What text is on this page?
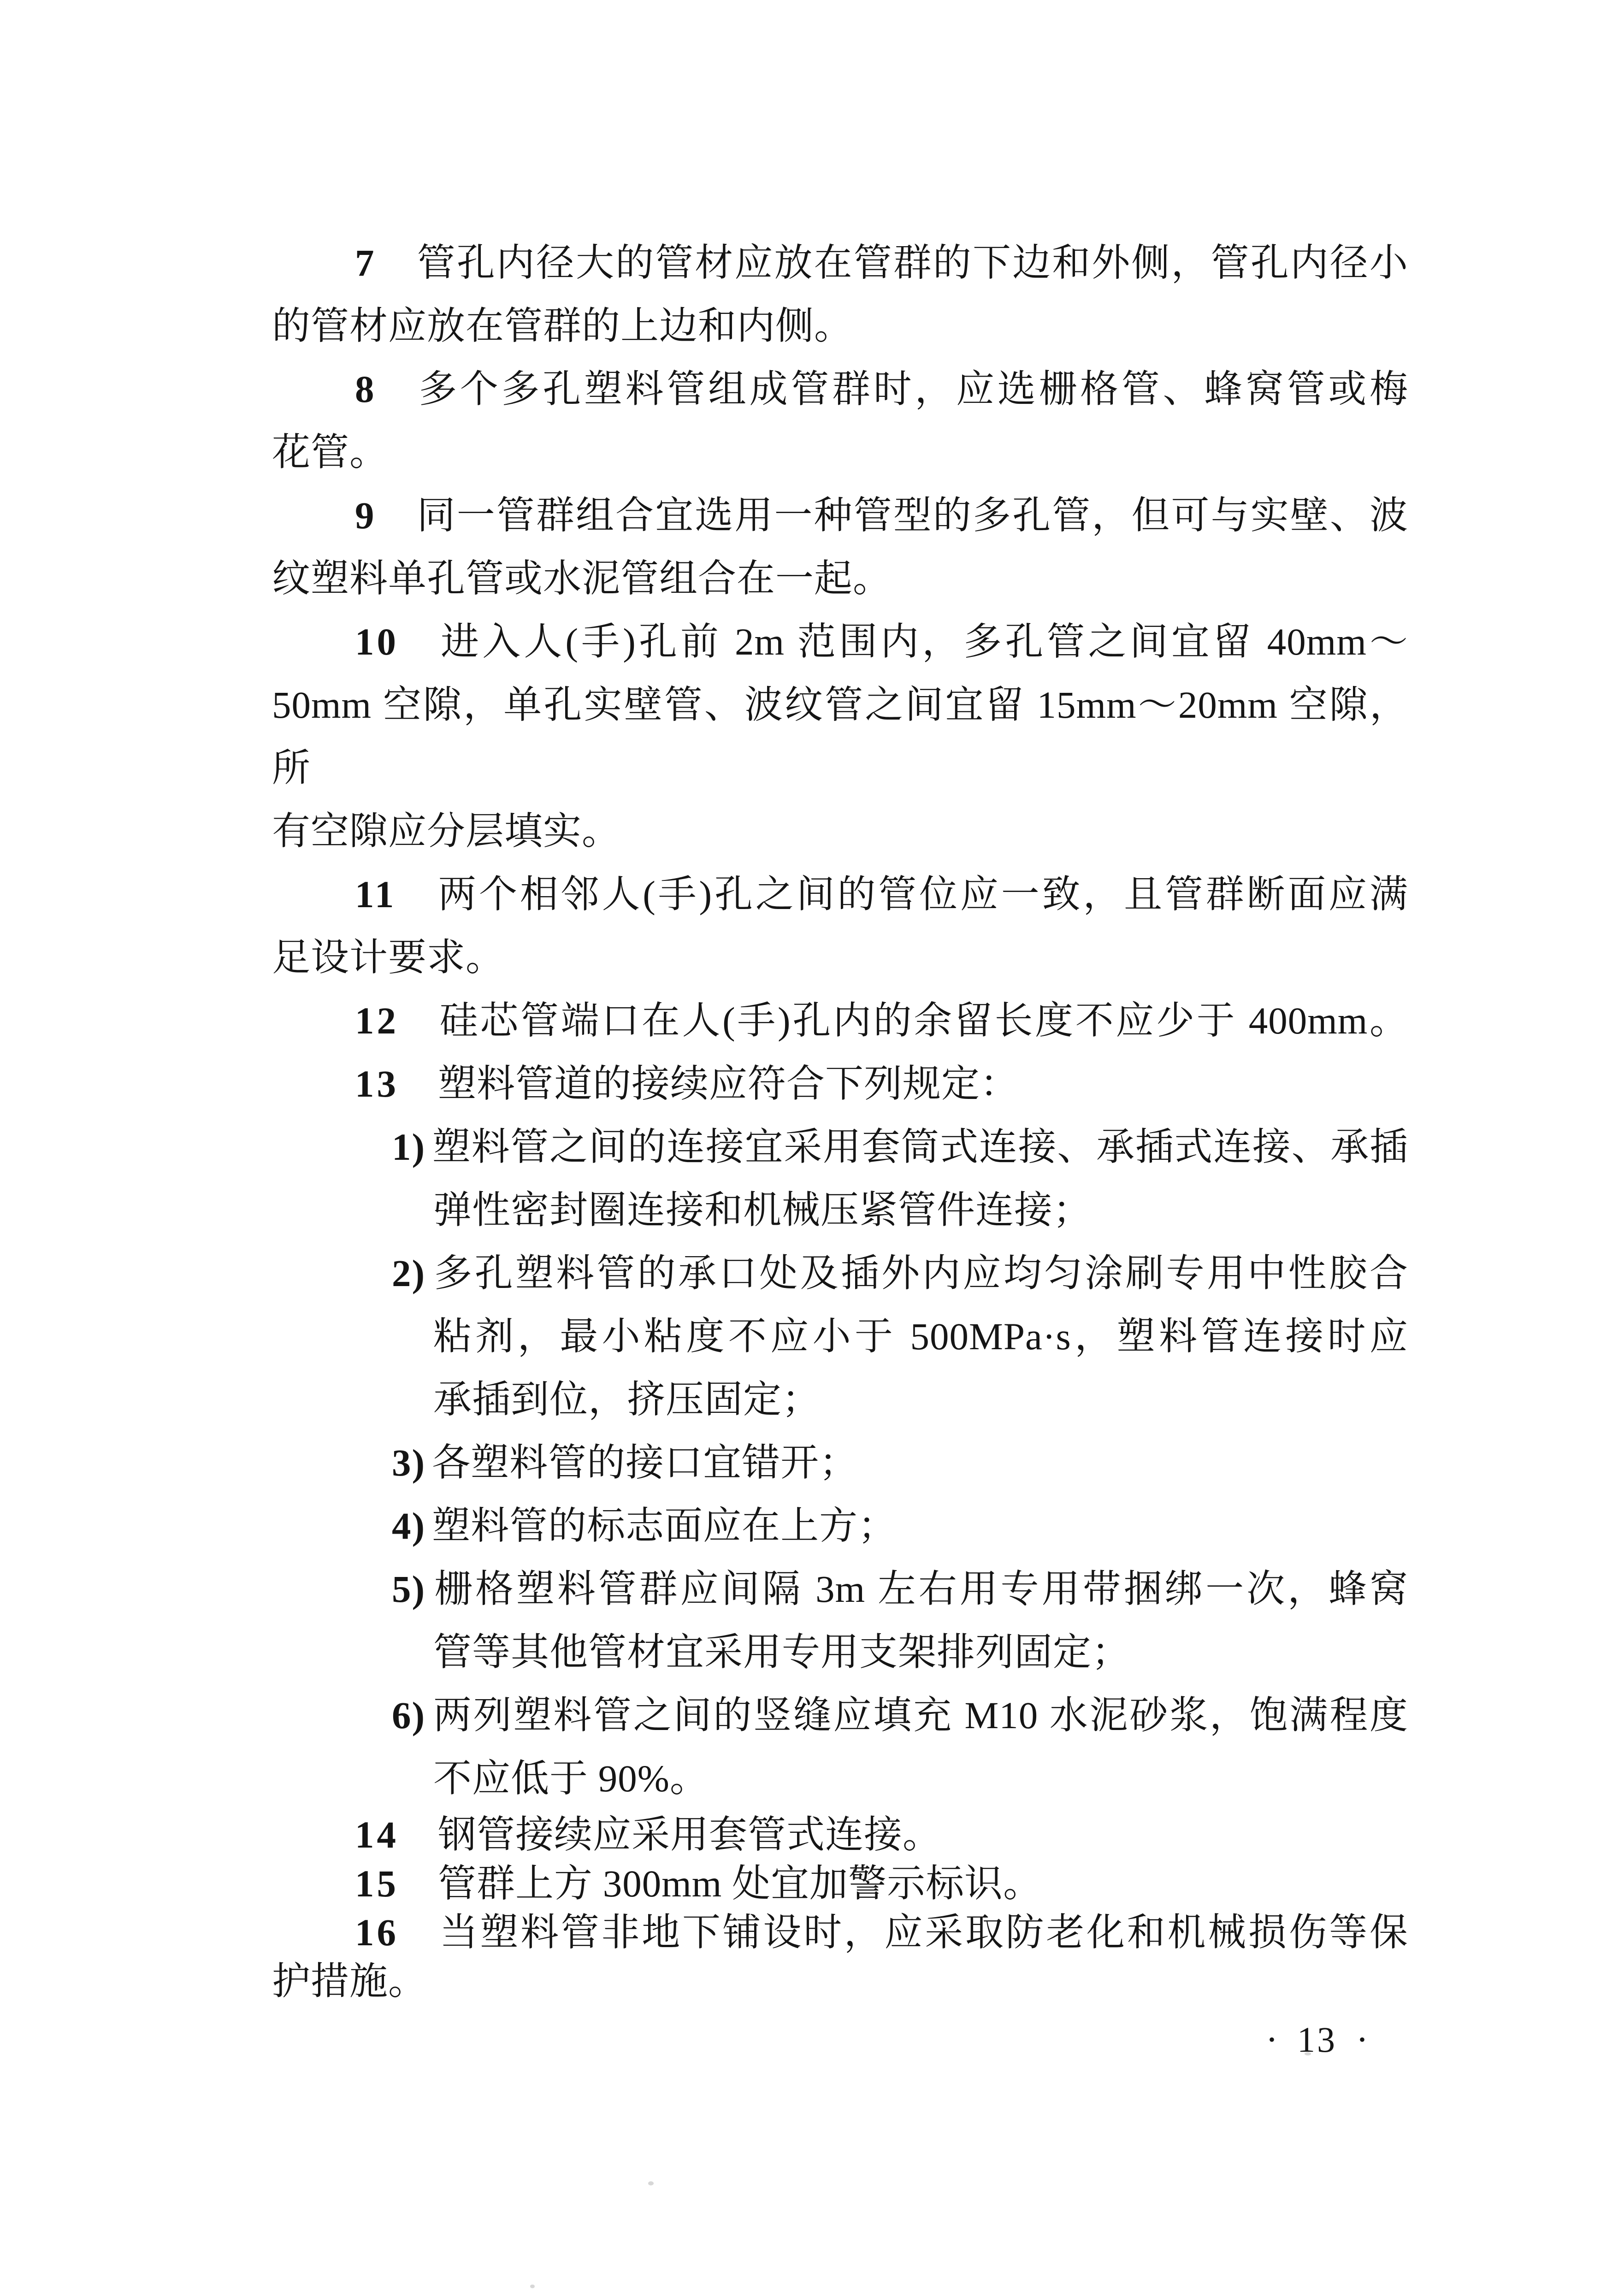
7 管孔内径大的管材应放在管群的下边和外侧，管孔内径小
的管材应放在管群的上边和内侧。
8 多个多孔塑料管组成管群时，应选栅格管、蜂窝管或梅
花管。
9 同一管群组合宜选用一种管型的多孔管，但可与实壁、波
纹塑料单孔管或水泥管组合在一起。
10 进入人(手)孔前 2m 范围内，多孔管之间宜留 40mm～
50mm 空隙，单孔实壁管、波纹管之间宜留 15mm～20mm 空隙，所
有空隙应分层填实。
11 两个相邻人(手)孔之间的管位应一致，且管群断面应满
足设计要求。
12 硅芯管端口在人(手)孔内的余留长度不应少于 400mm。
13 塑料管道的接续应符合下列规定：
1) 塑料管之间的连接宜采用套筒式连接、承插式连接、承插
弹性密封圈连接和机械压紧管件连接；
2) 多孔塑料管的承口处及插外内应均匀涂刷专用中性胶合
粘剂，最小粘度不应小于 500MPa·s，塑料管连接时应
承插到位，挤压固定；
3) 各塑料管的接口宜错开；
4) 塑料管的标志面应在上方；
5) 栅格塑料管群应间隔 3m 左右用专用带捆绑一次，蜂窝
管等其他管材宜采用专用支架排列固定；
6) 两列塑料管之间的竖缝应填充 M10 水泥砂浆，饱满程度
不应低于 90%。
14 钢管接续应采用套管式连接。
15 管群上方 300mm 处宜加警示标识。
16 当塑料管非地下铺设时，应采取防老化和机械损伤等保
护措施。
• 13 •
